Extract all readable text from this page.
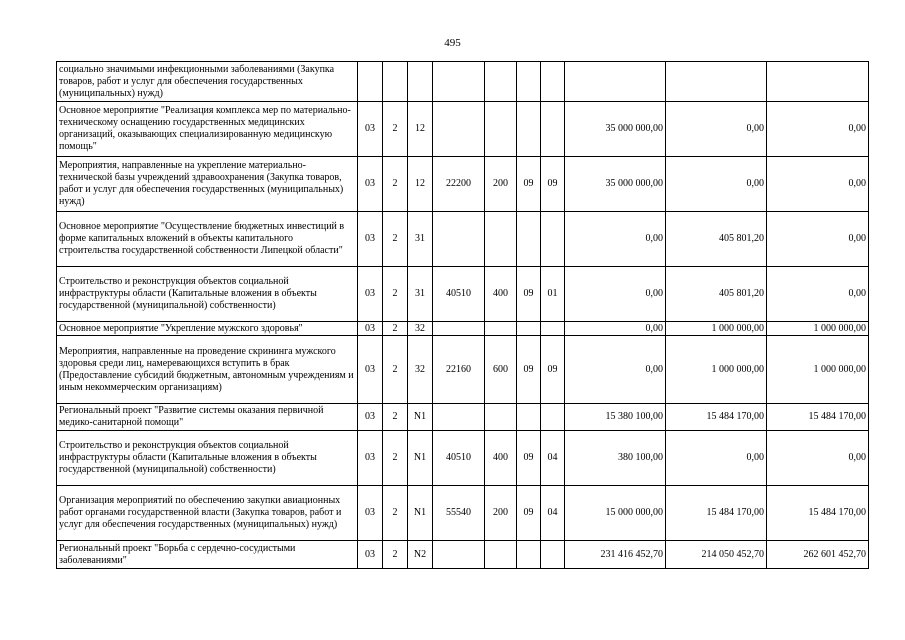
495
социально значимыми инфекционными заболеваниями (Закупка товаров, работ и услуг для обеспечения государственных (муниципальных) нужд)										
Основное мероприятие "Реализация комплекса мер по материально-техническому оснащению государственных медицинских организаций, оказывающих специализированную медицинскую помощь"	03	2	12					35 000 000,00	0,00	0,00
Мероприятия, направленные на укрепление материально-технической базы учреждений здравоохранения (Закупка товаров, работ и услуг для обеспечения государственных (муниципальных) нужд)	03	2	12	22200	200	09	09	35 000 000,00	0,00	0,00
Основное мероприятие "Осуществление бюджетных инвестиций в форме капитальных вложений в объекты капитального строительства государственной собственности Липецкой области"	03	2	31					0,00	405 801,20	0,00
Строительство и реконструкция объектов социальной инфраструктуры области (Капитальные вложения в объекты государственной (муниципальной) собственности)	03	2	31	40510	400	09	01	0,00	405 801,20	0,00
Основное мероприятие "Укрепление мужского здоровья"	03	2	32					0,00	1 000 000,00	1 000 000,00
Мероприятия, направленные на проведение скрининга мужского здоровья среди лиц, намеревающихся вступить в брак (Предоставление субсидий бюджетным, автономным учреждениям и иным некоммерческим организациям)	03	2	32	22160	600	09	09	0,00	1 000 000,00	1 000 000,00
Региональный проект "Развитие системы оказания первичной медико-санитарной помощи"	03	2	N1					15 380 100,00	15 484 170,00	15 484 170,00
Строительство и реконструкция объектов социальной инфраструктуры области (Капитальные вложения в объекты государственной (муниципальной) собственности)	03	2	N1	40510	400	09	04	380 100,00	0,00	0,00
Организация мероприятий по обеспечению закупки авиационных работ органами государственной власти (Закупка товаров, работ и услуг для обеспечения государственных (муниципальных) нужд)	03	2	N1	55540	200	09	04	15 000 000,00	15 484 170,00	15 484 170,00
Региональный проект "Борьба с сердечно-сосудистыми заболеваниями"	03	2	N2					231 416 452,70	214 050 452,70	262 601 452,70
